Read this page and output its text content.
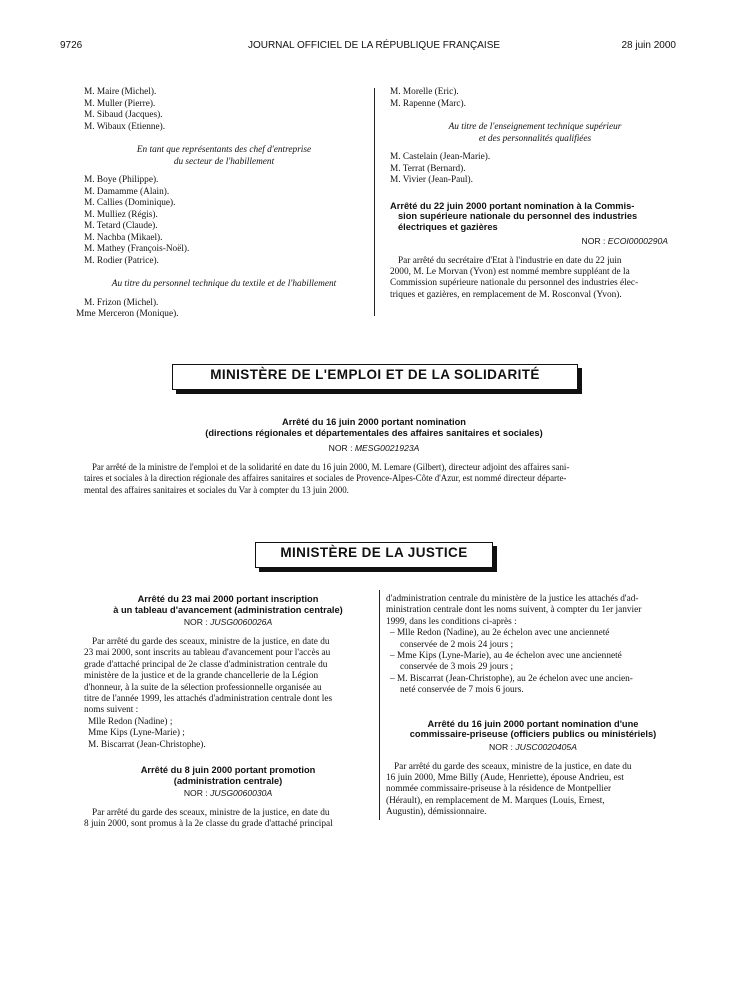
9726	JOURNAL OFFICIEL DE LA RÉPUBLIQUE FRANÇAISE	28 juin 2000
M. Maire (Michel).
M. Muller (Pierre).
M. Sibaud (Jacques).
M. Wibaux (Etienne).
En tant que représentants des chef d'entreprise
du secteur de l'habillement
M. Boye (Philippe).
M. Damamme (Alain).
M. Callies (Dominique).
M. Mulliez (Régis).
M. Tetard (Claude).
M. Nachba (Mikael).
M. Mathey (François-Noël).
M. Rodier (Patrice).
Au titre du personnel technique du textile et de l'habillement
M. Frizon (Michel).
Mme Merceron (Monique).
M. Morelle (Eric).
M. Rapenne (Marc).
Au titre de l'enseignement technique supérieur
et des personnalités qualifiées
M. Castelain (Jean-Marie).
M. Terrat (Bernard).
M. Vivier (Jean-Paul).
Arrêté du 22 juin 2000 portant nomination à la Commis-
sion supérieure nationale du personnel des industries
électriques et gazières
NOR : ECOI0000290A
Par arrêté du secrétaire d'Etat à l'industrie en date du 22 juin
2000, M. Le Morvan (Yvon) est nommé membre suppléant de la
Commission supérieure nationale du personnel des industries élec-
triques et gazières, en remplacement de M. Rosconval (Yvon).
MINISTÈRE DE L'EMPLOI ET DE LA SOLIDARITÉ
Arrêté du 16 juin 2000 portant nomination
(directions régionales et départementales des affaires sanitaires et sociales)
NOR : MESG0021923A
Par arrêté de la ministre de l'emploi et de la solidarité en date du 16 juin 2000, M. Lemare (Gilbert), directeur adjoint des affaires sani-
taires et sociales à la direction régionale des affaires sanitaires et sociales de Provence-Alpes-Côte d'Azur, est nommé directeur départe-
mental des affaires sanitaires et sociales du Var à compter du 13 juin 2000.
MINISTÈRE DE LA JUSTICE
Arrêté du 23 mai 2000 portant inscription
à un tableau d'avancement (administration centrale)
NOR : JUSG0060026A
Par arrêté du garde des sceaux, ministre de la justice, en date du
23 mai 2000, sont inscrits au tableau d'avancement pour l'accès au
grade d'attaché principal de 2e classe d'administration centrale du
ministère de la justice et de la grande chancellerie de la Légion
d'honneur, à la suite de la sélection professionnelle organisée au
titre de l'année 1999, les attachés d'administration centrale dont les
noms suivent :
Mlle Redon (Nadine) ;
Mme Kips (Lyne-Marie) ;
M. Biscarrat (Jean-Christophe).
Arrêté du 8 juin 2000 portant promotion
(administration centrale)
NOR : JUSG0060030A
Par arrêté du garde des sceaux, ministre de la justice, en date du
8 juin 2000, sont promus à la 2e classe du grade d'attaché principal
d'administration centrale du ministère de la justice les attachés d'ad-
ministration centrale dont les noms suivent, à compter du 1er janvier
1999, dans les conditions ci-après :
– Mlle Redon (Nadine), au 2e échelon avec une ancienneté
conservée de 2 mois 24 jours ;
– Mme Kips (Lyne-Marie), au 4e échelon avec une ancienneté
conservée de 3 mois 29 jours ;
– M. Biscarrat (Jean-Christophe), au 2e échelon avec une ancien-
neté conservée de 7 mois 6 jours.
Arrêté du 16 juin 2000 portant nomination d'une
commissaire-priseuse (officiers publics ou ministériels)
NOR : JUSC0020405A
Par arrêté du garde des sceaux, ministre de la justice, en date du
16 juin 2000, Mme Billy (Aude, Henriette), épouse Andrieu, est
nommée commissaire-priseuse à la résidence de Montpellier
(Hérault), en remplacement de M. Marques (Louis, Ernest,
Augustin), démissionnaire.
